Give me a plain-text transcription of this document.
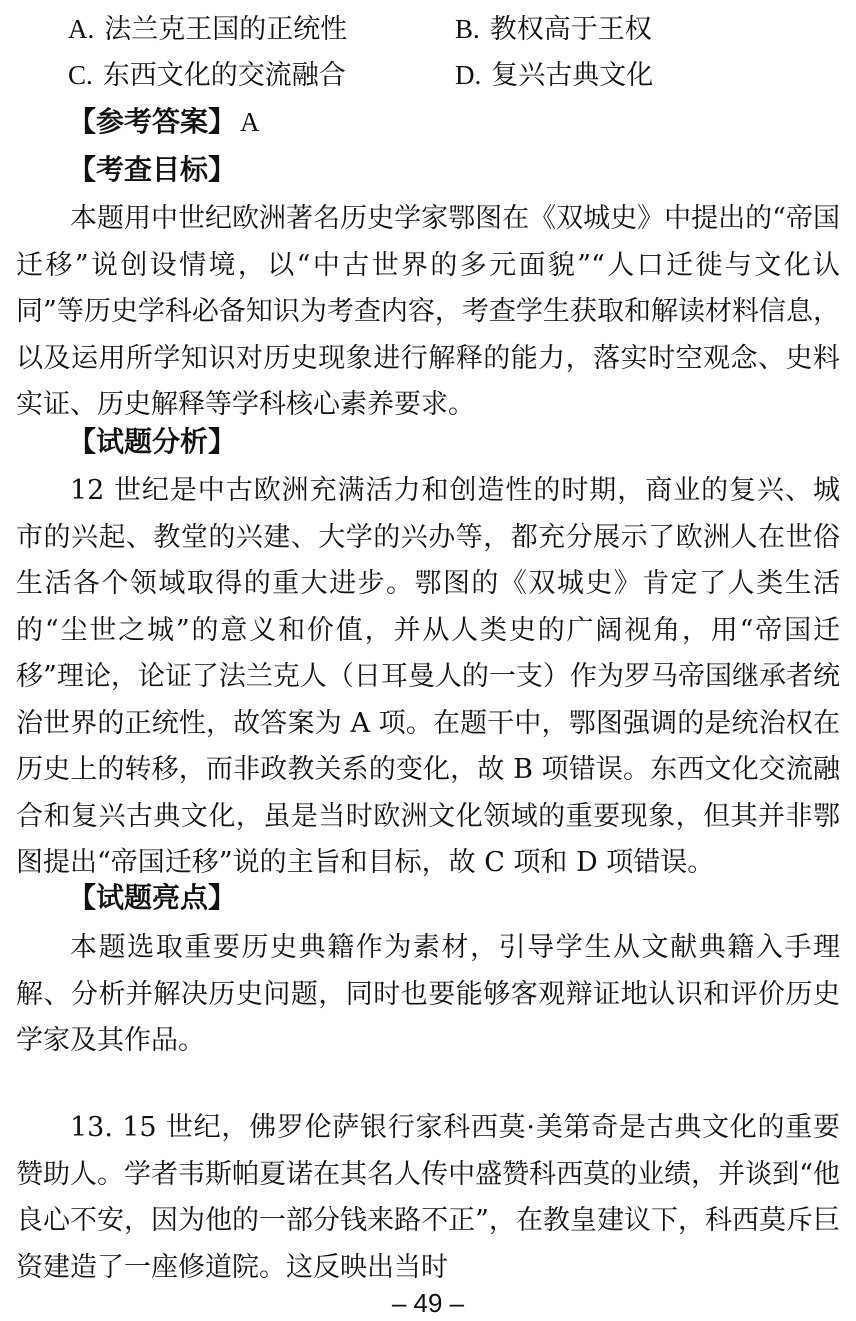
A. 法兰克王国的正统性	B. 教权高于王权
C. 东西文化的交流融合	D. 复兴古典文化
【参考答案】 A
【考查目标】

本题用中世纪欧洲著名历史学家鄂图在《双城史》中提出的“帝国迁移”说创设情境，以“中古世界的多元面貌”“人口迁徙与文化认同”等历史学科必备知识为考查内容，考查学生获取和解读材料信息，以及运用所学知识对历史现象进行解释的能力，落实时空观念、史料实证、历史解释等学科核心素养要求。

【试题分析】

12 世纪是中古欧洲充满活力和创造性的时期，商业的复兴、城市的兴起、教堂的兴建、大学的兴办等，都充分展示了欧洲人在世俗生活各个领域取得的重大进步。鄂图的《双城史》肯定了人类生活的“尘世之城”的意义和价值，并从人类史的广阔视角，用“帝国迁移”理论，论证了法兰克人（日耳曼人的一支）作为罗马帝国继承者统治世界的正统性，故答案为 A 项。在题干中，鄂图强调的是统治权在历史上的转移，而非政教关系的变化，故 B 项错误。东西文化交流融合和复兴古典文化，虽是当时欧洲文化领域的重要现象，但其并非鄂图提出“帝国迁移”说的主旨和目标，故 C 项和 D 项错误。

【试题亮点】

本题选取重要历史典籍作为素材，引导学生从文献典籍入手理解、分析并解决历史问题，同时也要能够客观辩证地认识和评价历史学家及其作品。

13. 15 世纪，佛罗伦萨银行家科西莫·美第奇是古典文化的重要赞助人。学者韦斯帕夏诺在其名人传中盛赞科西莫的业绩，并谈到“他良心不安，因为他的一部分钱来路不正”，在教皇建议下，科西莫斥巨资建造了一座修道院。这反映出当时

– 49 –
